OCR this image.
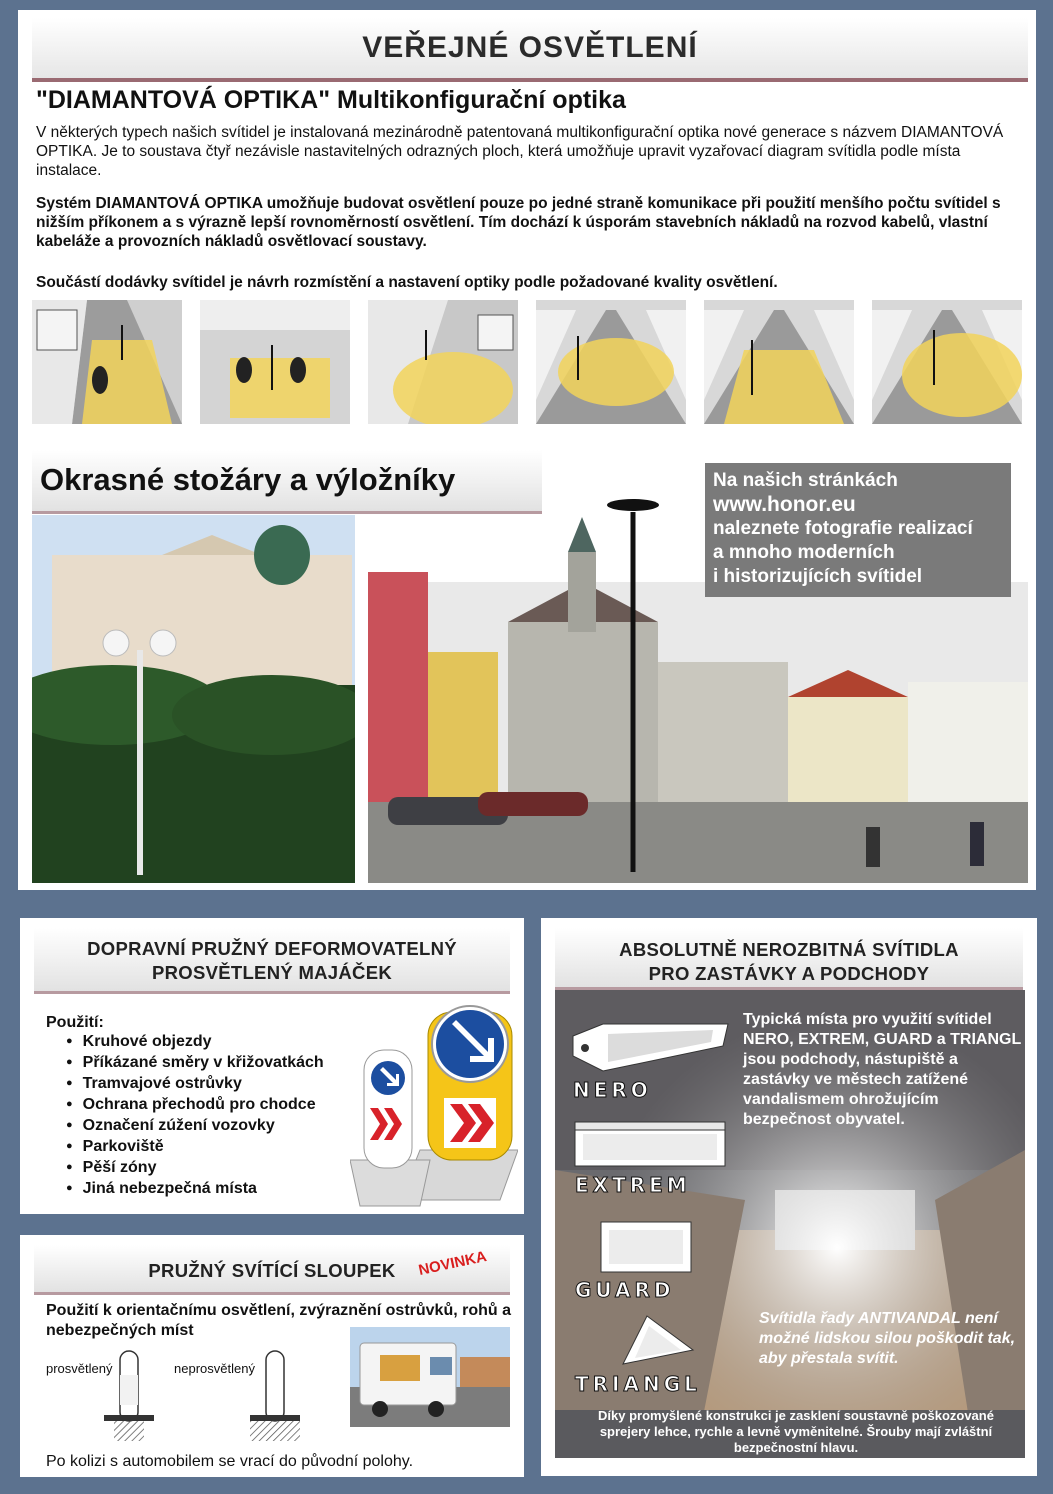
VEŘEJNÉ OSVĚTLENÍ
"DIAMANTOVÁ OPTIKA" Multikonfigurační optika
V některých typech našich svítidel je instalovaná mezinárodně patentovaná multikonfigurační optika nové generace s názvem DIAMANTOVÁ OPTIKA. Je to soustava čtyř nezávisle nastavitelných odrazných ploch, která umožňuje upravit vyzařovací diagram svítidla podle místa instalace.
Systém DIAMANTOVÁ OPTIKA umožňuje budovat osvětlení pouze po jedné straně komunikace při použití menšího počtu svítidel s nižším příkonem a s výrazně lepší rovnoměrností osvětlení. Tím dochází k úsporám stavebních nákladů na rozvod kabelů, vlastní kabeláže a provozních nákladů osvětlovací soustavy.
Součástí dodávky svítidel je návrh rozmístění a nastavení optiky podle požadované kvality osvětlení.
Okrasné stožáry a výložníky	Na našich stránkách
www.honor.eu
naleznete fotografie realizací
a mnoho moderních
i historizujících svítidel
DOPRAVNÍ PRUŽNÝ DEFORMOVATELNÝ
PROSVĚTLENÝ MAJÁČEK
Použití:
● Kruhové objezdy
● Příkázané směry v křižovatkách
● Tramvajové ostrůvky
● Ochrana přechodů pro chodce
● Označení zúžení vozovky
● Parkoviště
● Pěší zóny
● Jiná nebezpečná místa
PRUŽNÝ SVÍTÍCÍ SLOUPEK	NOVINKA
Použití k orientačnímu osvětlení, zvýraznění ostrůvků, rohů a nebezpečných míst
prosvětlený	neprosvětlený
Po kolizi s automobilem se vrací do původní polohy.
ABSOLUTNĚ NEROZBITNÁ SVÍTIDLA
PRO ZASTÁVKY A PODCHODY
NERO
EXTREM
GUARD
TRIANGL
Typická místa pro využití svítidel NERO, EXTREM, GUARD a TRIANGL jsou podchody, nástupiště a zastávky ve městech zatížené vandalismem ohrožujícím bezpečnost obyvatel.
Svítidla řady ANTIVANDAL není možné lidskou silou poškodit tak, aby přestala svítit.
Díky promyšlené konstrukci je zasklení soustavně poškozované sprejery lehce, rychle a levně vyměnitelné. Šrouby mají zvláštní bezpečnostní hlavu.
